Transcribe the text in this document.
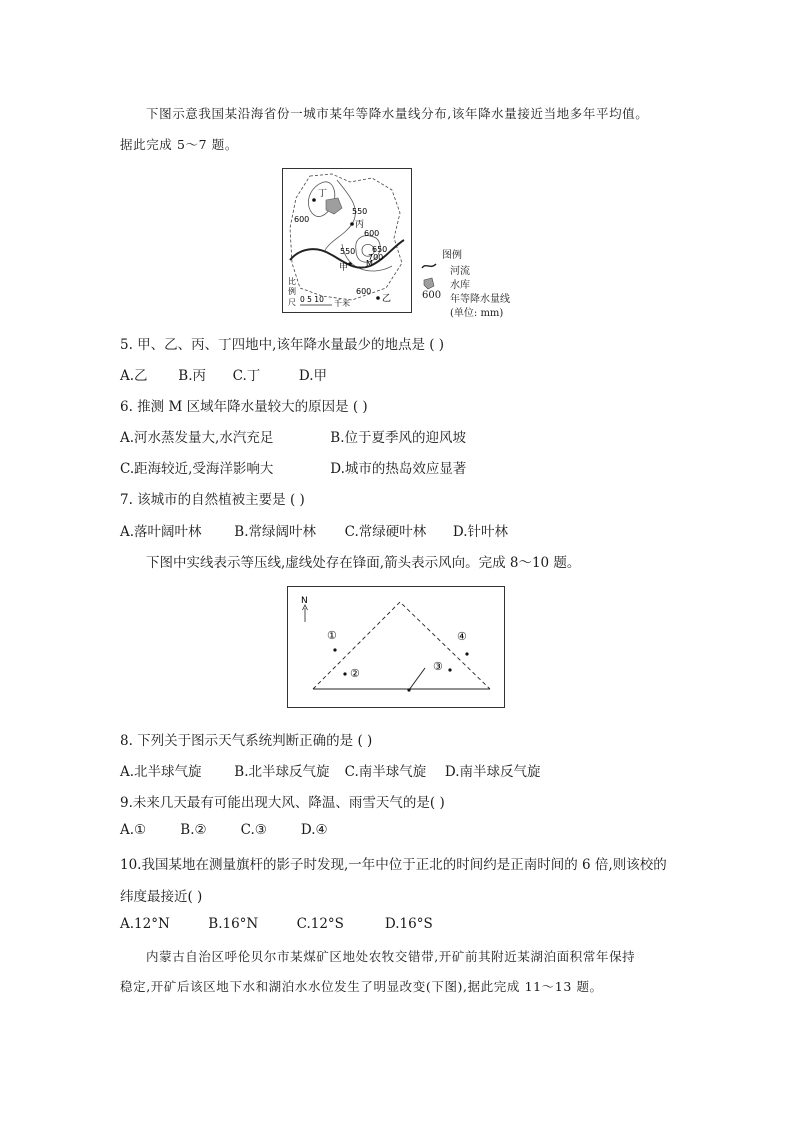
下图示意我国某沿海省份一城市某年等降水量线分布,该年降水量接近当地多年平均值。
据此完成 5～7 题。
丁
丙
甲
乙
M
600
550
600
550 650
700
600
比
例
尺 0 5 10 千米
图例
河流
水库
600 年等降水量线
(单位: mm)
5. 甲、乙、丙、丁四地中,该年降水量最少的地点是 ( )
A.乙 B.丙 C.丁	D.甲
6. 推测 M 区域年降水量较大的原因是 ( )
A.河水蒸发量大,水汽充足	B.位于夏季风的迎风坡
C.距海较近,受海洋影响大	D.城市的热岛效应显著
7. 该城市的自然植被主要是 ( )
A.落叶阔叶林 B.常绿阔叶林 C.常绿硬叶林 D.针叶林
下图中实线表示等压线,虚线处存在锋面,箭头表示风向。完成 8～10 题。
N
①
②
③
④
8. 下列关于图示天气系统判断正确的是 ( )
A.北半球气旋 B.北半球反气旋 C.南半球气旋 D.南半球反气旋
9.未来几天最有可能出现大风、降温、雨雪天气的是( )
A.①	B.②	C.③	D.④
10.我国某地在测量旗杆的影子时发现,一年中位于正北的时间约是正南时间的 6 倍,则该校的
纬度最接近( )
A.12°N	B.16°N	C.12°S	D.16°S
内蒙古自治区呼伦贝尔市某煤矿区地处农牧交错带,开矿前其附近某湖泊面积常年保持
稳定,开矿后该区地下水和湖泊水水位发生了明显改变(下图),据此完成 11～13 题。
